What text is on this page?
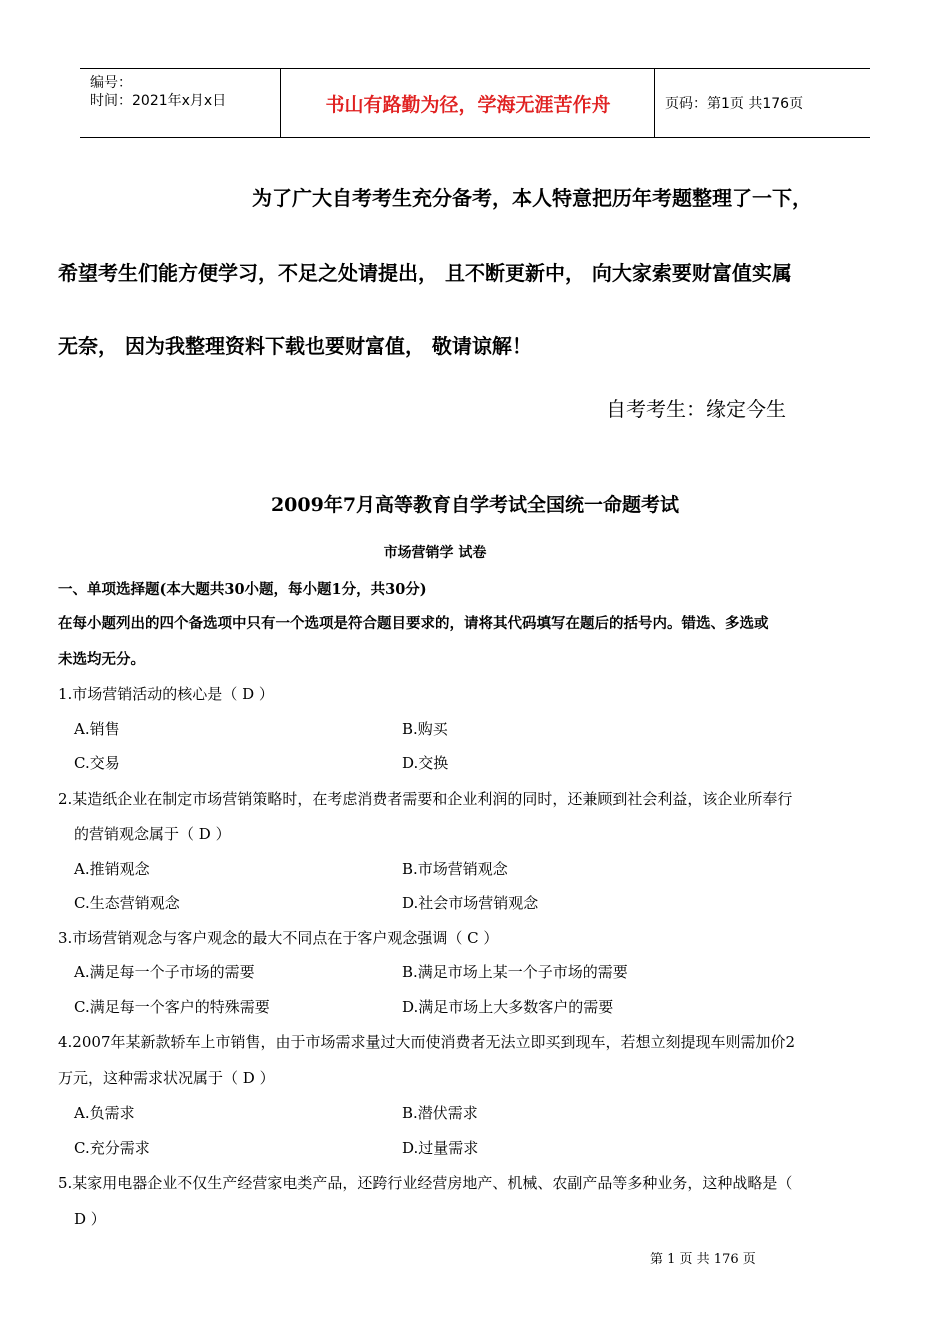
编号：
时间：2021年x月x日	书山有路勤为径，学海无涯苦作舟	页码：第1页 共176页
为了广大自考考生充分备考，本人特意把历年考题整理了一下，
希望考生们能方便学习，不足之处请提出， 且不断更新中， 向大家索要财富值实属
无奈， 因为我整理资料下载也要财富值， 敬请谅解！
自考考生：缘定今生
2009年7月高等教育自学考试全国统一命题考试
市场营销学 试卷
一、单项选择题(本大题共30小题，每小题1分，共30分)
在每小题列出的四个备选项中只有一个选项是符合题目要求的，请将其代码填写在题后的括号内。错选、多选或
未选均无分。
1.市场营销活动的核心是（ D ）
A.销售	B.购买
C.交易	D.交换
2.某造纸企业在制定市场营销策略时，在考虑消费者需要和企业利润的同时，还兼顾到社会利益，该企业所奉行
的营销观念属于（ D ）
A.推销观念	B.市场营销观念
C.生态营销观念	D.社会市场营销观念
3.市场营销观念与客户观念的最大不同点在于客户观念强调（ C ）
A.满足每一个子市场的需要	B.满足市场上某一个子市场的需要
C.满足每一个客户的特殊需要	D.满足市场上大多数客户的需要
4.2007年某新款轿车上市销售，由于市场需求量过大而使消费者无法立即买到现车，若想立刻提现车则需加价2
万元，这种需求状况属于（ D ）
A.负需求	B.潜伏需求
C.充分需求	D.过量需求
5.某家用电器企业不仅生产经营家电类产品，还跨行业经营房地产、机械、农副产品等多种业务，这种战略是（
D ）
第 1 页 共 176 页
